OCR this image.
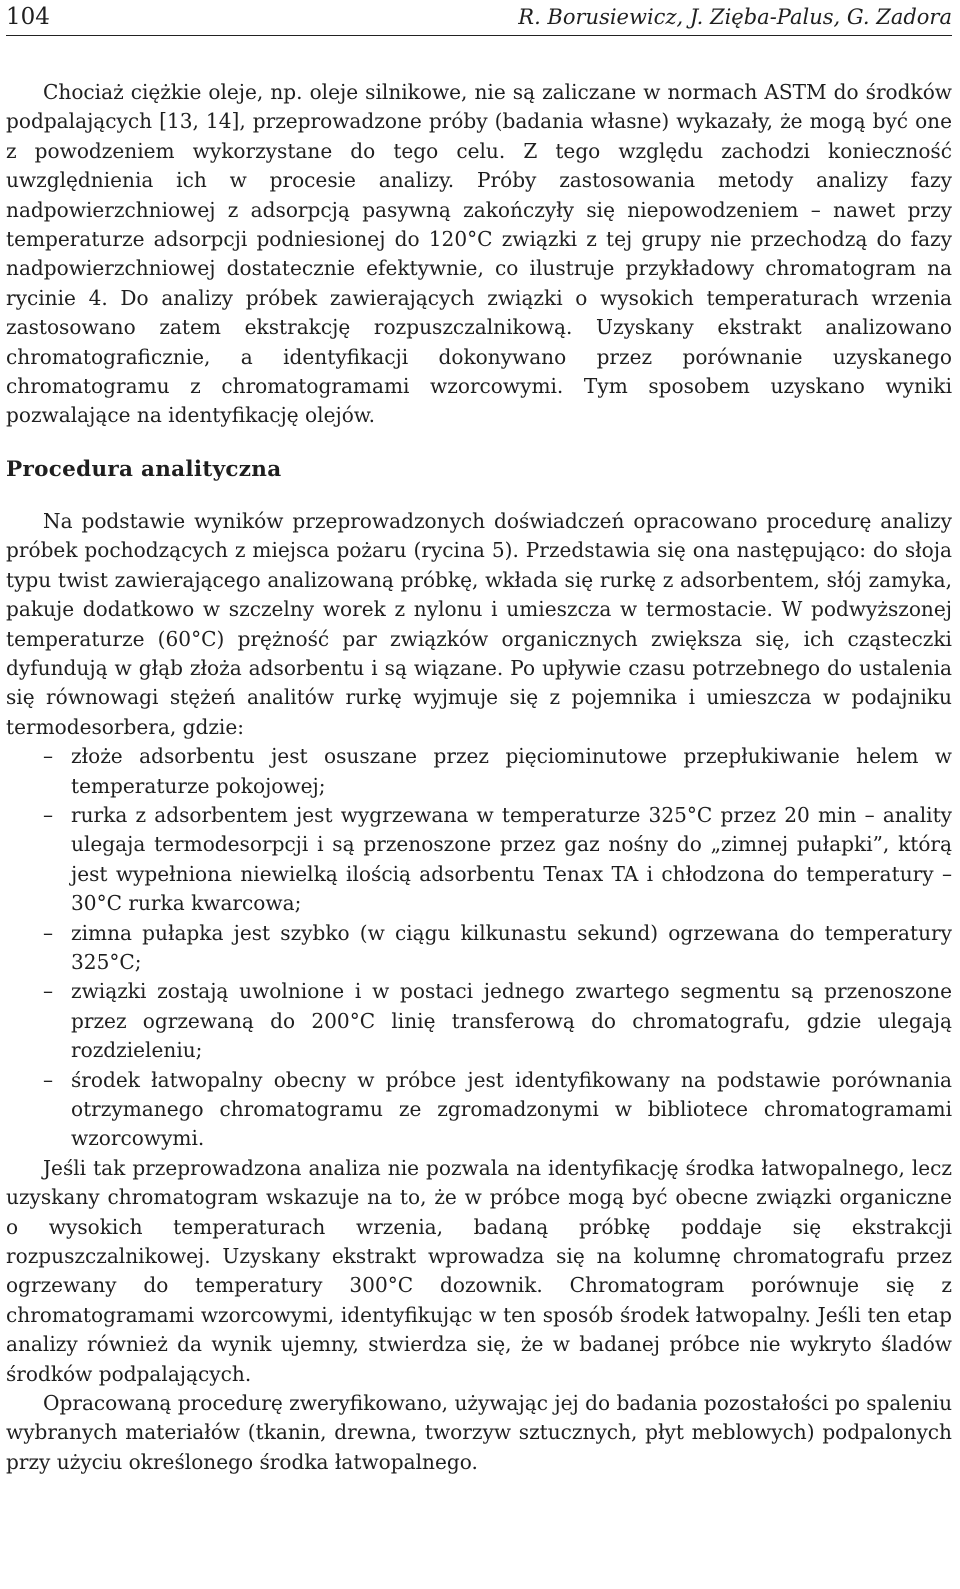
104	R. Borusiewicz, J. Zięba-Palus, G. Zadora

Chociaż ciężkie oleje, np. oleje silnikowe, nie są zaliczane w normach ASTM do środków podpalających [13, 14], przeprowadzone próby (badania własne) wykazały, że mogą być one z powodzeniem wykorzystane do tego celu. Z tego względu zachodzi konieczność uwzględnienia ich w procesie analizy. Próby zastosowania metody analizy fazy nadpowierzchniowej z adsorpcją pasywną zakończyły się niepowodzeniem – nawet przy temperaturze adsorpcji podniesionej do 120°C związki z tej grupy nie przechodzą do fazy nadpowierzchniowej dostatecznie efektywnie, co ilustruje przykładowy chromatogram na rycinie 4. Do analizy próbek zawierających związki o wysokich temperaturach wrzenia zastosowano zatem ekstrakcję rozpuszczalnikową. Uzyskany ekstrakt analizowano chromatograficznie, a identyfikacji dokonywano przez porównanie uzyskanego chromatogramu z chromatogramami wzorcowymi. Tym sposobem uzyskano wyniki pozwalające na identyfikację olejów.

Procedura analityczna

Na podstawie wyników przeprowadzonych doświadczeń opracowano procedurę analizy próbek pochodzących z miejsca pożaru (rycina 5). Przedstawia się ona następująco: do słoja typu twist zawierającego analizowaną próbkę, wkłada się rurkę z adsorbentem, słój zamyka, pakuje dodatkowo w szczelny worek z nylonu i umieszcza w termostacie. W podwyższonej temperaturze (60°C) prężność par związków organicznych zwiększa się, ich cząsteczki dyfundują w głąb złoża adsorbentu i są wiązane. Po upływie czasu potrzebnego do ustalenia się równowagi stężeń analitów rurkę wyjmuje się z pojemnika i umieszcza w podajniku termodesorbera, gdzie:

– złoże adsorbentu jest osuszane przez pięciominutowe przepłukiwanie helem w temperaturze pokojowej;
– rurka z adsorbentem jest wygrzewana w temperaturze 325°C przez 20 min – anality ulegaja termodesorpcji i są przenoszone przez gaz nośny do „zimnej pułapki”, którą jest wypełniona niewielką ilością adsorbentu Tenax TA i chłodzona do temperatury –30°C rurka kwarcowa;
– zimna pułapka jest szybko (w ciągu kilkunastu sekund) ogrzewana do temperatury 325°C;
– związki zostają uwolnione i w postaci jednego zwartego segmentu są przenoszone przez ogrzewaną do 200°C linię transferową do chromatografu, gdzie ulegają rozdzieleniu;
– środek łatwopalny obecny w próbce jest identyfikowany na podstawie porównania otrzymanego chromatogramu ze zgromadzonymi w bibliotece chromatogramami wzorcowymi.

Jeśli tak przeprowadzona analiza nie pozwala na identyfikację środka łatwopalnego, lecz uzyskany chromatogram wskazuje na to, że w próbce mogą być obecne związki organiczne o wysokich temperaturach wrzenia, badaną próbkę poddaje się ekstrakcji rozpuszczalnikowej. Uzyskany ekstrakt wprowadza się na kolumnę chromatografu przez ogrzewany do temperatury 300°C dozownik. Chromatogram porównuje się z chromatogramami wzorcowymi, identyfikując w ten sposób środek łatwopalny. Jeśli ten etap analizy również da wynik ujemny, stwierdza się, że w badanej próbce nie wykryto śladów środków podpalających.

Opracowaną procedurę zweryfikowano, używając jej do badania pozostałości po spaleniu wybranych materiałów (tkanin, drewna, tworzyw sztucznych, płyt meblowych) podpalonych przy użyciu określonego środka łatwopalnego.
